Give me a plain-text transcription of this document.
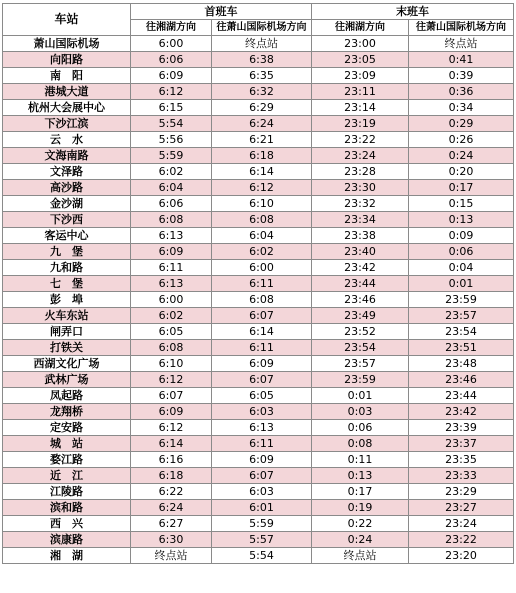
车站	首班车		末班车	
	往湘湖方向	往萧山国际机场方向	往湘湖方向	往萧山国际机场方向
萧山国际机场	6:00	终点站	23:00	终点站
向阳路	6:06	6:38	23:05	0:41
南　阳	6:09	6:35	23:09	0:39
港城大道	6:12	6:32	23:11	0:36
杭州大会展中心	6:15	6:29	23:14	0:34
下沙江滨	5:54	6:24	23:19	0:29
云　水	5:56	6:21	23:22	0:26
文海南路	5:59	6:18	23:24	0:24
文泽路	6:02	6:14	23:28	0:20
高沙路	6:04	6:12	23:30	0:17
金沙湖	6:06	6:10	23:32	0:15
下沙西	6:08	6:08	23:34	0:13
客运中心	6:13	6:04	23:38	0:09
九　堡	6:09	6:02	23:40	0:06
九和路	6:11	6:00	23:42	0:04
七　堡	6:13	6:11	23:44	0:01
彭　埠	6:00	6:08	23:46	23:59
火车东站	6:02	6:07	23:49	23:57
闸弄口	6:05	6:14	23:52	23:54
打铁关	6:08	6:11	23:54	23:51
西湖文化广场	6:10	6:09	23:57	23:48
武林广场	6:12	6:07	23:59	23:46
凤起路	6:07	6:05	0:01	23:44
龙翔桥	6:09	6:03	0:03	23:42
定安路	6:12	6:13	0:06	23:39
城　站	6:14	6:11	0:08	23:37
婺江路	6:16	6:09	0:11	23:35
近　江	6:18	6:07	0:13	23:33
江陵路	6:22	6:03	0:17	23:29
滨和路	6:24	6:01	0:19	23:27
西　兴	6:27	5:59	0:22	23:24
滨康路	6:30	5:57	0:24	23:22
湘　湖	终点站	5:54	终点站	23:20
